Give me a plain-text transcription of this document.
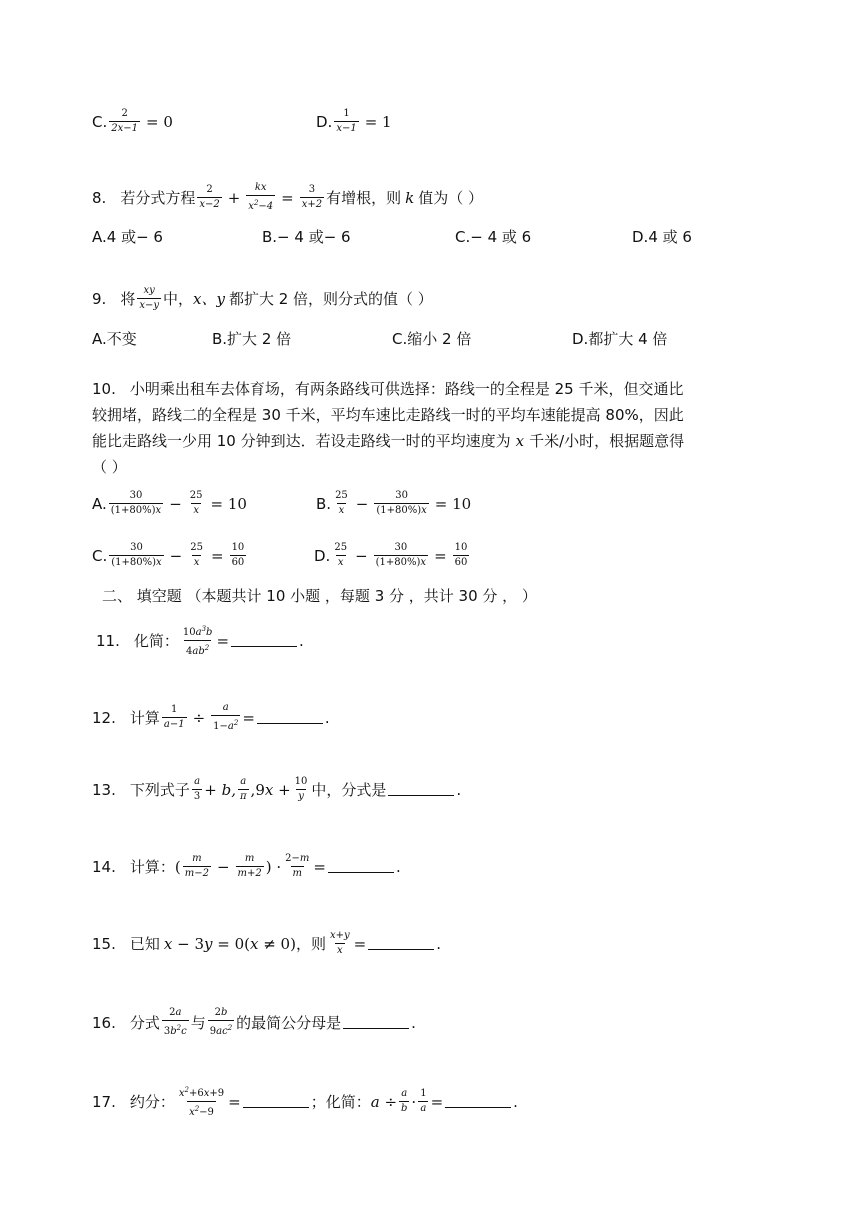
C. $\frac{2}{2x-1} = 0$	D. $\frac{1}{x-1} = 1$
8. 若分式方程 $\frac{2}{x-2} + \frac{kx}{x^2-4} = \frac{3}{x+2}$ 有增根，则 k 值为（ ）
A.4 或− 6	B.− 4 或− 6	C.− 4 或 6	D.4 或 6
9. 将 $\frac{xy}{x-y}$ 中， x、y 都扩大 2 倍，则分式的值（ ）
A.不变	B.扩大 2 倍	C.缩小 2 倍	D.都扩大 4 倍
10. 小明乘出租车去体育场，有两条路线可供选择：路线一的全程是 25 千米，但交通比
较拥堵，路线二的全程是 30 千米，平均车速比走路线一时的平均车速能提高 80%，因此
能比走路线一少用 10 分钟到达．若设走路线一时的平均速度为 x 千米/小时，根据题意得
（ ）
A. $\frac{30}{(1+80\%)x} - \frac{25}{x} = 10$	B. $\frac{25}{x} - \frac{30}{(1+80\%)x} = 10$
C. $\frac{30}{(1+80\%)x} - \frac{25}{x} = \frac{10}{60}$	D. $\frac{25}{x} - \frac{30}{(1+80\%)x} = \frac{10}{60}$
二、 填空题 （本题共计 10 小题 ，每题 3 分 ，共计 30 分 ， ）
11. 化简： $\frac{10a^3b}{4ab^2}$ =	.
12. 计算 $\frac{1}{a-1} \div \frac{a}{1-a^2}$ =	.
13. 下列式子 $\frac{a}{3} + b$, $\frac{a}{\pi} ,9x + \frac{10}{y}$ 中，分式是	.
14. 计算： ( $\frac{m}{m-2} - \frac{m}{m+2}$ ) · $\frac{2-m}{m}$ =	.
15. 已知 x − 3y = 0(x ≠ 0) ，则 $\frac{x+y}{x}$ =	.
16. 分式 $\frac{2a}{3b^2c}$ 与 $\frac{2b}{9ac^2}$ 的最简公分母是	.
17. 约分： $\frac{x^2+6x+9}{x^2-9}$ =	；化简： $a \div \frac{a}{b} \cdot \frac{1}{a}$ =	.
